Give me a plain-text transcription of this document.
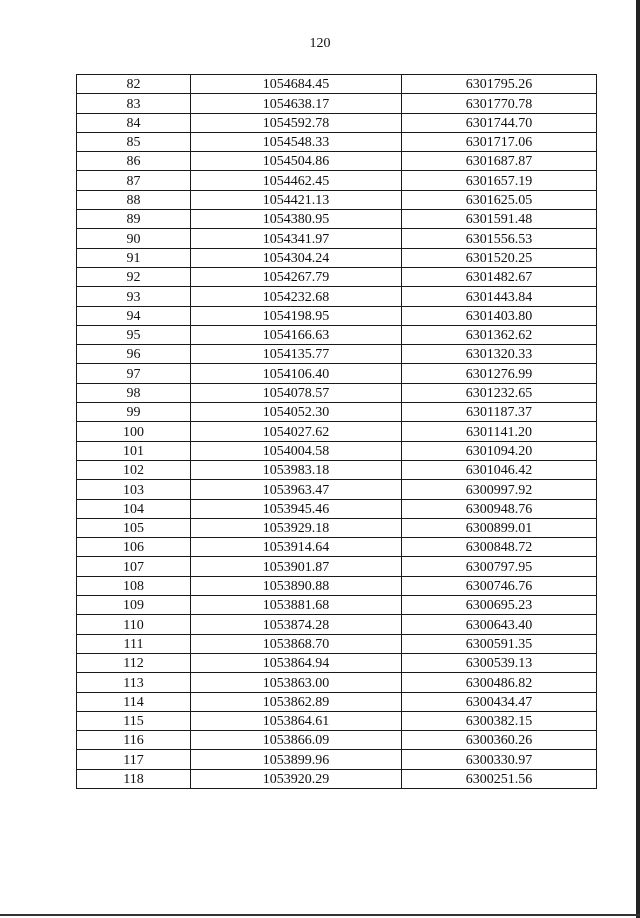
120
82	1054684.45	6301795.26
83	1054638.17	6301770.78
84	1054592.78	6301744.70
85	1054548.33	6301717.06
86	1054504.86	6301687.87
87	1054462.45	6301657.19
88	1054421.13	6301625.05
89	1054380.95	6301591.48
90	1054341.97	6301556.53
91	1054304.24	6301520.25
92	1054267.79	6301482.67
93	1054232.68	6301443.84
94	1054198.95	6301403.80
95	1054166.63	6301362.62
96	1054135.77	6301320.33
97	1054106.40	6301276.99
98	1054078.57	6301232.65
99	1054052.30	6301187.37
100	1054027.62	6301141.20
101	1054004.58	6301094.20
102	1053983.18	6301046.42
103	1053963.47	6300997.92
104	1053945.46	6300948.76
105	1053929.18	6300899.01
106	1053914.64	6300848.72
107	1053901.87	6300797.95
108	1053890.88	6300746.76
109	1053881.68	6300695.23
110	1053874.28	6300643.40
111	1053868.70	6300591.35
112	1053864.94	6300539.13
113	1053863.00	6300486.82
114	1053862.89	6300434.47
115	1053864.61	6300382.15
116	1053866.09	6300360.26
117	1053899.96	6300330.97
118	1053920.29	6300251.56
